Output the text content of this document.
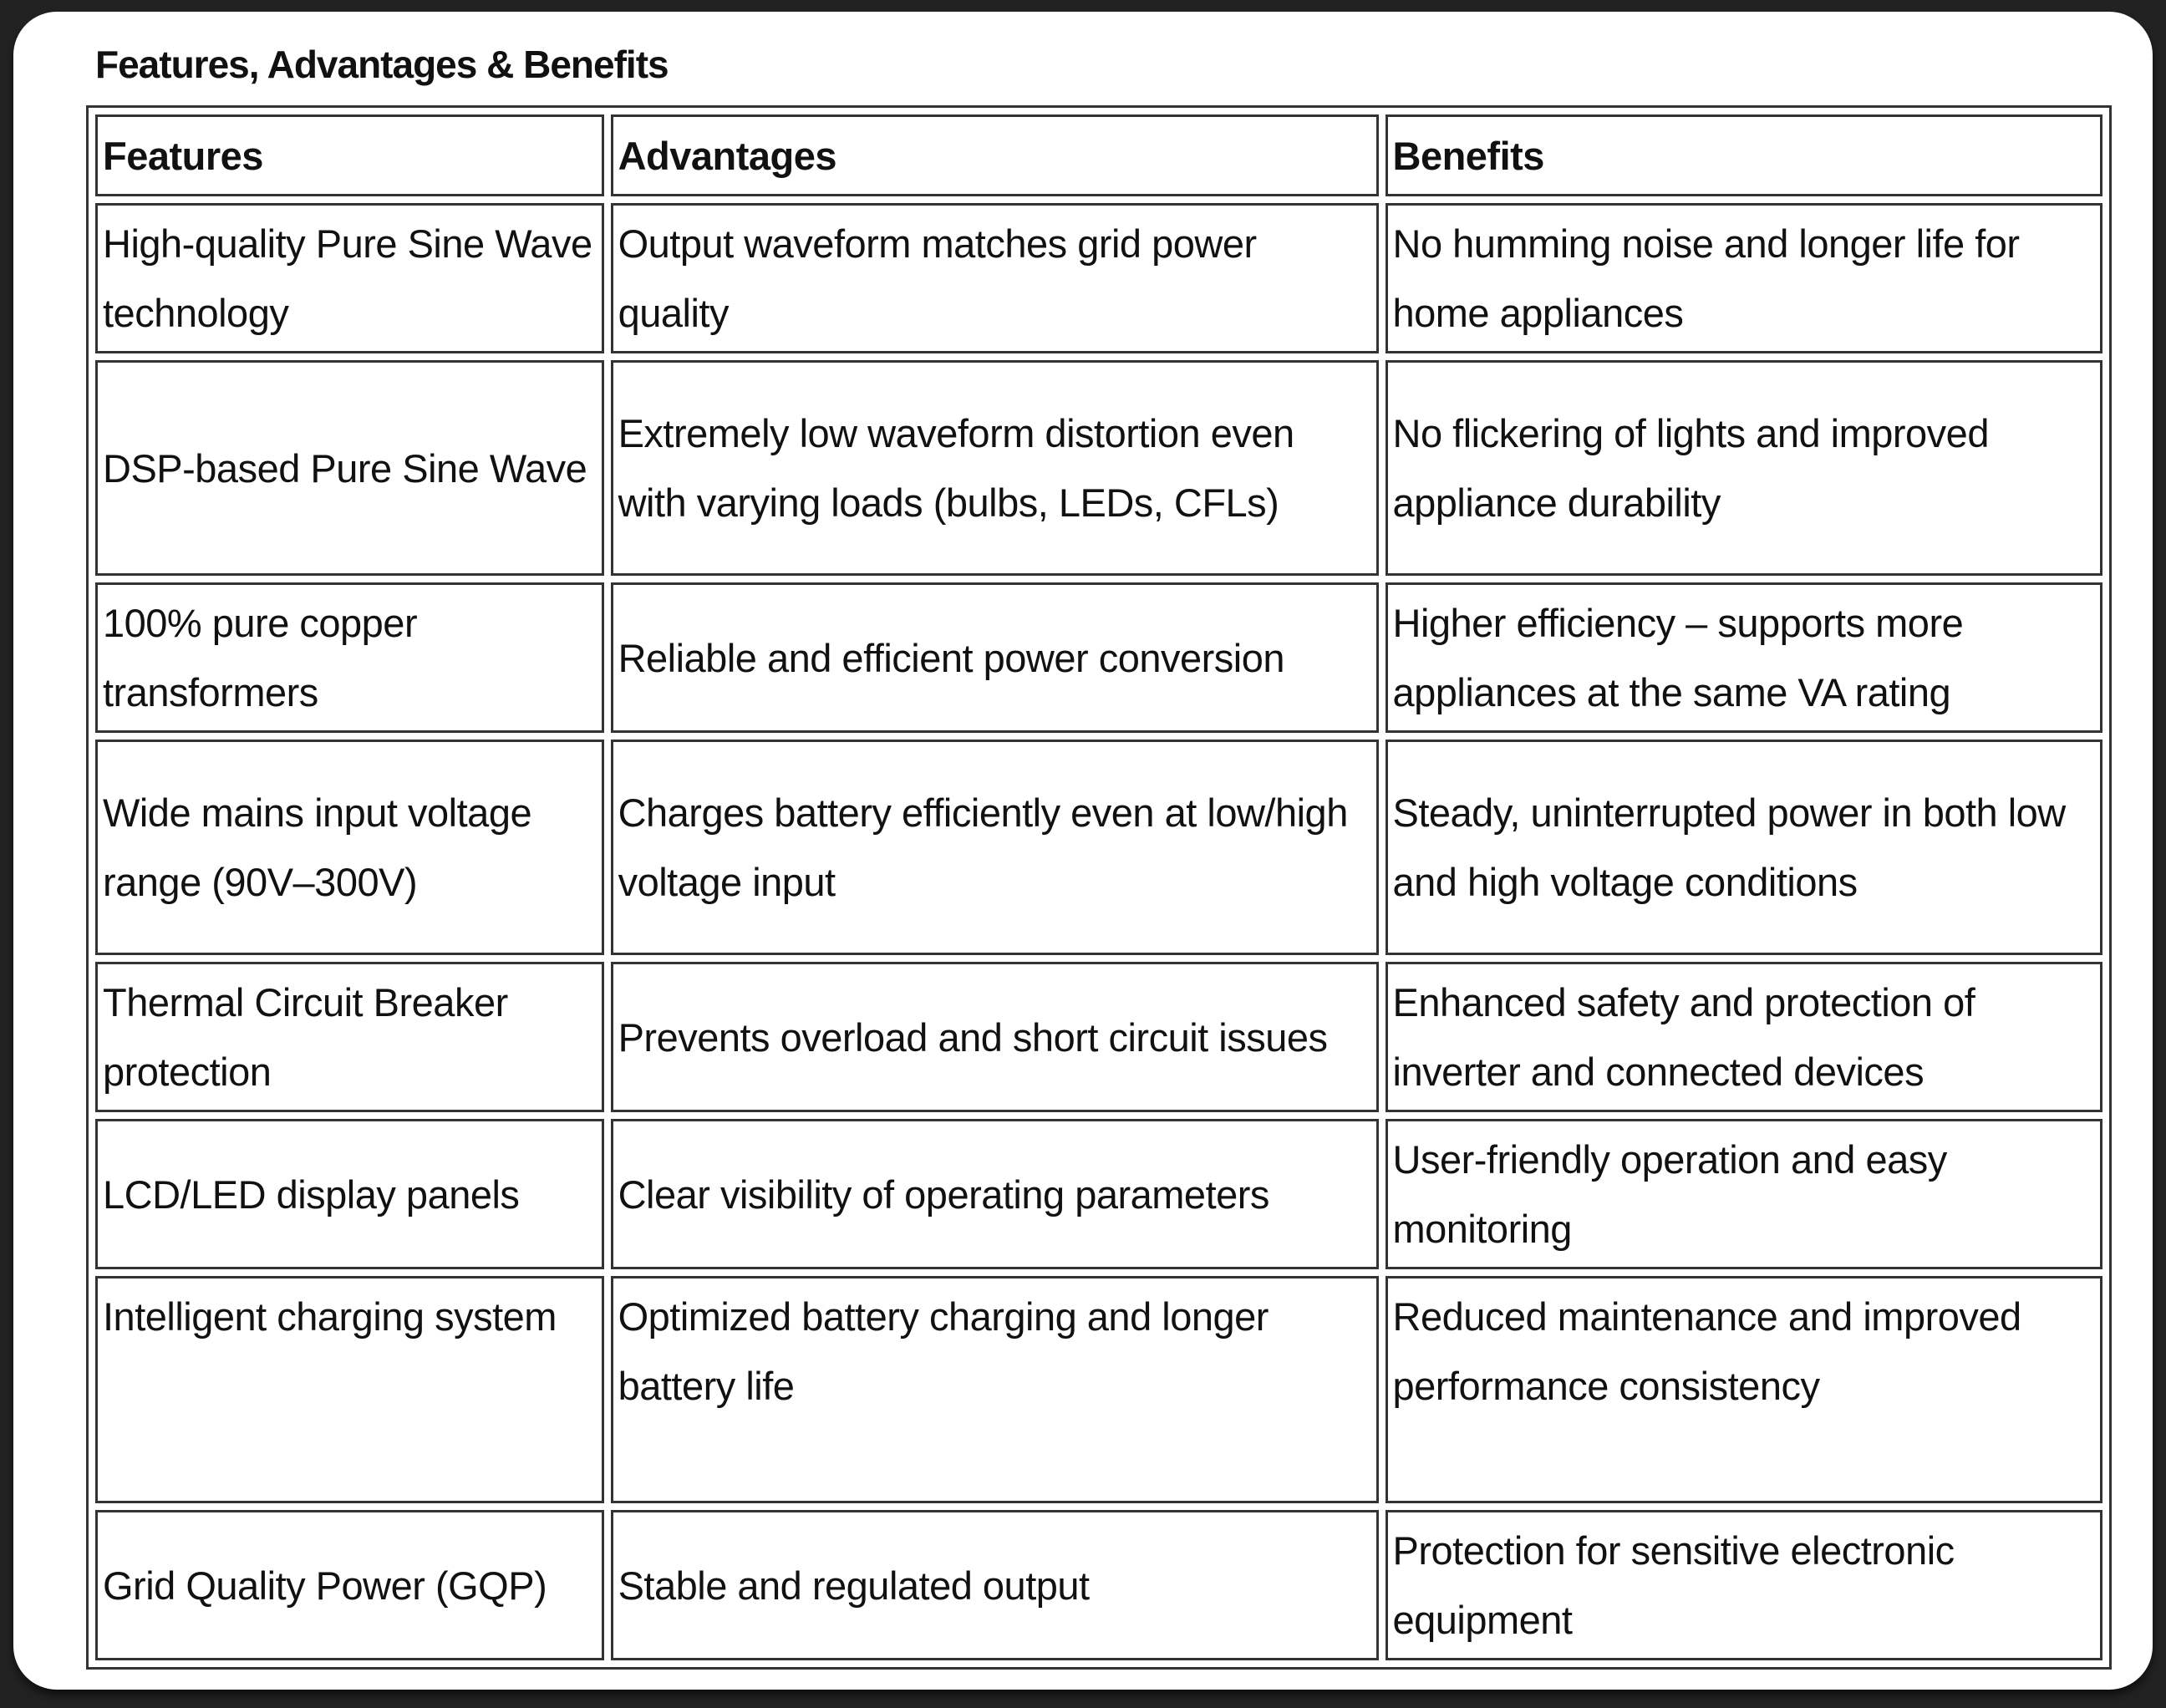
Features, Advantages & Benefits
Features	Advantages	Benefits
High-quality Pure Sine Wave technology	Output waveform matches grid power quality	No humming noise and longer life for home appliances
DSP-based Pure Sine Wave	Extremely low waveform distortion even with varying loads (bulbs, LEDs, CFLs)	No flickering of lights and improved appliance durability
100% pure copper transformers	Reliable and efficient power conversion	Higher efficiency – supports more appliances at the same VA rating
Wide mains input voltage range (90V–300V)	Charges battery efficiently even at low/high voltage input	Steady, uninterrupted power in both low and high voltage conditions
Thermal Circuit Breaker protection	Prevents overload and short circuit issues	Enhanced safety and protection of inverter and connected devices
LCD/LED display panels	Clear visibility of operating parameters	User-friendly operation and easy monitoring
Intelligent charging system	Optimized battery charging and longer battery life	Reduced maintenance and improved performance consistency
Grid Quality Power (GQP)	Stable and regulated output	Protection for sensitive electronic equipment
